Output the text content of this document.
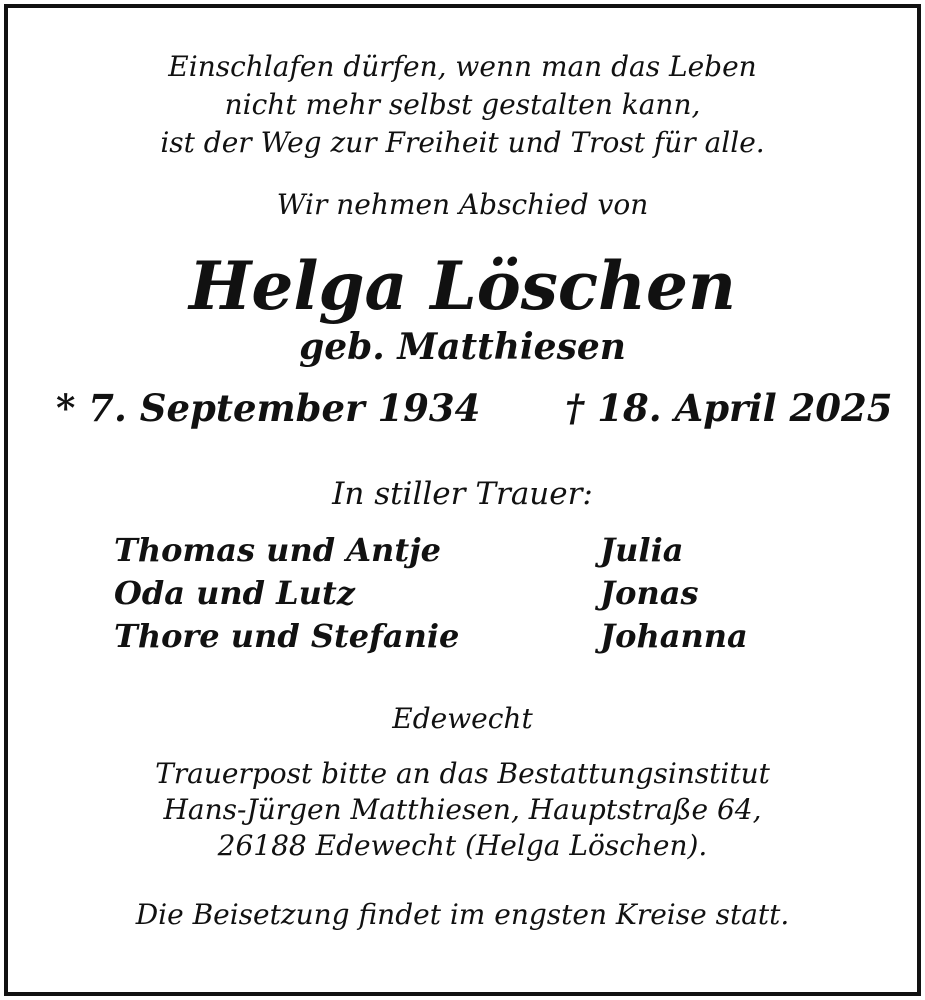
Einschlafen dürfen, wenn man das Leben
nicht mehr selbst gestalten kann,
ist der Weg zur Freiheit und Trost für alle.
Wir nehmen Abschied von
Helga Löschen
geb. Matthiesen
* 7. September 1934 † 18. April 2025
In stiller Trauer:
Thomas und Antje
Oda und Lutz
Thore und Stefanie
Julia
Jonas
Johanna
Edewecht
Trauerpost bitte an das Bestattungsinstitut
Hans-Jürgen Matthiesen, Hauptstraße 64,
26188 Edewecht (Helga Löschen).
Die Beisetzung findet im engsten Kreise statt.
